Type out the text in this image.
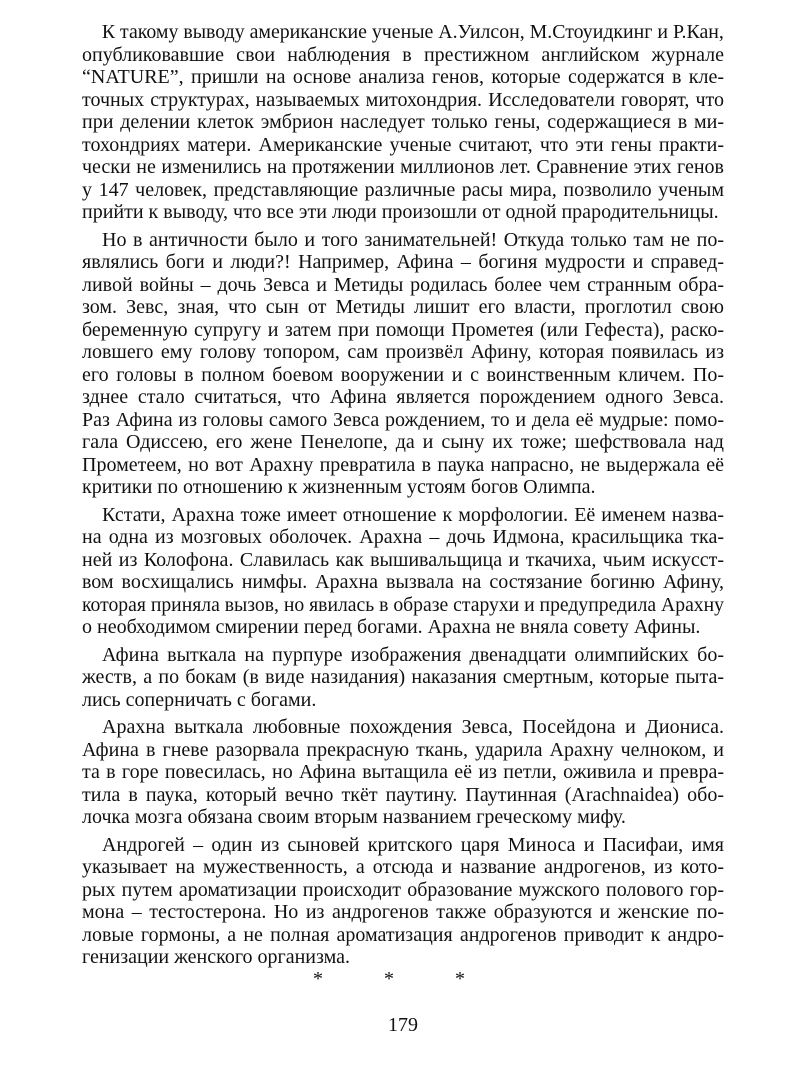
К такому выводу американские ученые А.Уилсон, М.Стоуидкинг и Р.Кан,
опубликовавшие свои наблюдения в престижном английском журнале
“NATURE”, пришли на основе анализа генов, которые содержатся в кле-
точных структурах, называемых митохондрия. Исследователи говорят, что
при делении клеток эмбрион наследует только гены, содержащиеся в ми-
тохондриях матери. Американские ученые считают, что эти гены практи-
чески не изменились на протяжении миллионов лет. Сравнение этих генов
у 147 человек, представляющие различные расы мира, позволило ученым
прийти к выводу, что все эти люди произошли от одной прародительницы.
Но в античности было и того занимательней! Откуда только там не по-
являлись боги и люди?! Например, Афина – богиня мудрости и справед-
ливой войны – дочь Зевса и Метиды родилась более чем странным обра-
зом. Зевс, зная, что сын от Метиды лишит его власти, проглотил свою
беременную супругу и затем при помощи Прометея (или Гефеста), раско-
ловшего ему голову топором, сам произвёл Афину, которая появилась из
его головы в полном боевом вооружении и с воинственным кличем. По-
зднее стало считаться, что Афина является порождением одного Зевса.
Раз Афина из головы самого Зевса рождением, то и дела её мудрые: помо-
гала Одиссею, его жене Пенелопе, да и сыну их тоже; шефствовала над
Прометеем, но вот Арахну превратила в паука напрасно, не выдержала её
критики по отношению к жизненным устоям богов Олимпа.
Кстати, Арахна тоже имеет отношение к морфологии. Её именем назва-
на одна из мозговых оболочек. Арахна – дочь Идмона, красильщика тка-
ней из Колофона. Славилась как вышивальщица и ткачиха, чьим искусст-
вом восхищались нимфы. Арахна вызвала на состязание богиню Афину,
которая приняла вызов, но явилась в образе старухи и предупредила Арахну
о необходимом смирении перед богами. Арахна не вняла совету Афины.
Афина выткала на пурпуре изображения двенадцати олимпийских бо-
жеств, а по бокам (в виде назидания) наказания смертным, которые пыта-
лись соперничать с богами.
Арахна выткала любовные похождения Зевса, Посейдона и Диониса.
Афина в гневе разорвала прекрасную ткань, ударила Арахну челноком, и
та в горе повесилась, но Афина вытащила её из петли, оживила и превра-
тила в паука, который вечно ткёт паутину. Паутинная (Arachnaidea) обо-
лочка мозга обязана своим вторым названием греческому мифу.
Андрогей – один из сыновей критского царя Миноса и Пасифаи, имя
указывает на мужественность, а отсюда и название андрогенов, из кото-
рых путем ароматизации происходит образование мужского полового гор-
мона – тестостерона. Но из андрогенов также образуются и женские по-
ловые гормоны, а не полная ароматизация андрогенов приводит к андро-
генизации женского организма.
* * *
179
